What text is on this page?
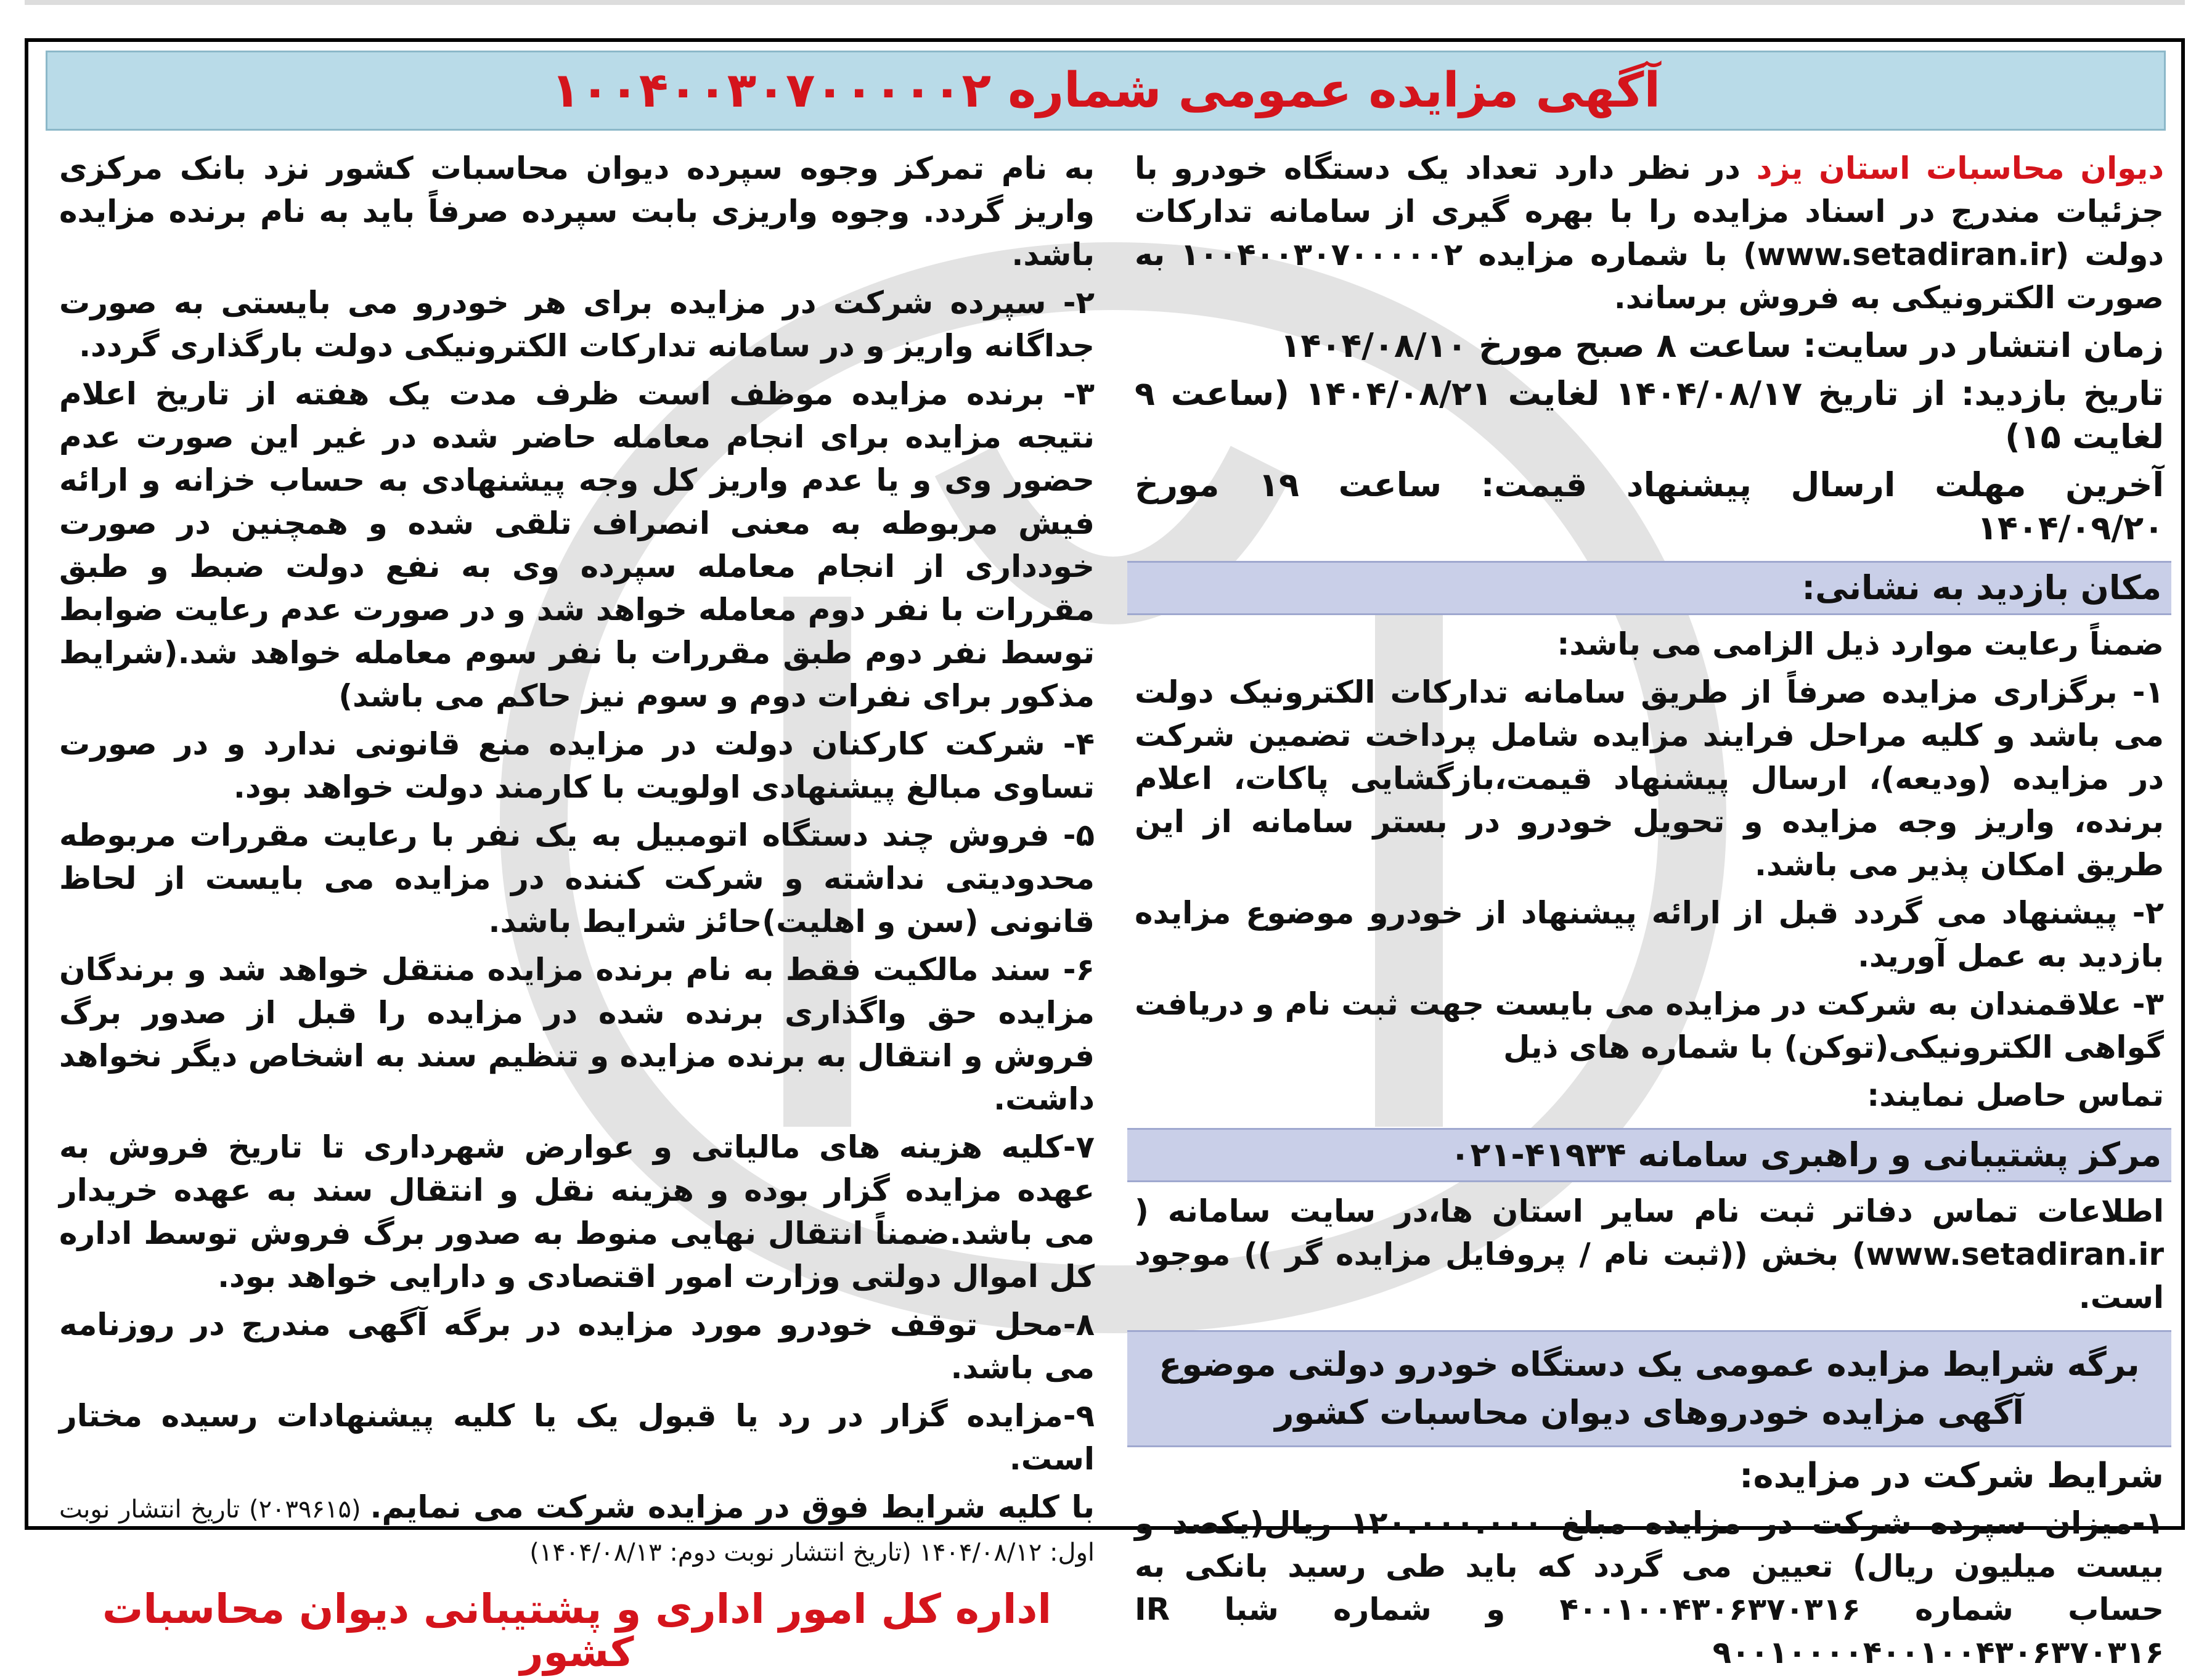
آگهی مزایده عمومی شماره ۱۰۰۴۰۰۳۰۷۰۰۰۰۰۲

دیوان محاسبات استان یزد در نظر دارد تعداد یک دستگاه خودرو با جزئیات مندرج در اسناد مزایده را با بهره گیری از سامانه تدارکات دولت (www.setadiran.ir) با شماره مزایده ۱۰۰۴۰۰۳۰۷۰۰۰۰۰۲ به صورت الکترونیکی به فروش برساند.

زمان انتشار در سایت: ساعت ۸ صبح مورخ ۱۴۰۴/۰۸/۱۰

تاریخ بازدید: از تاریخ ۱۴۰۴/۰۸/۱۷ لغایت ۱۴۰۴/۰۸/۲۱ (ساعت ۹ لغایت ۱۵)

آخرین مهلت ارسال پیشنهاد قیمت: ساعت ۱۹ مورخ ۱۴۰۴/۰۹/۲۰

مکان بازدید به نشانی:

ضمناً رعایت موارد ذیل الزامی می باشد:

۱- برگزاری مزایده صرفاً از طریق سامانه تدارکات الکترونیک دولت می باشد و کلیه مراحل فرایند مزایده شامل پرداخت تضمین شرکت در مزایده (ودیعه)، ارسال پیشنهاد قیمت،بازگشایی پاکات، اعلام برنده، واریز وجه مزایده و تحویل خودرو در بستر سامانه از این طریق امکان پذیر می باشد.

۲- پیشنهاد می گردد قبل از ارائه پیشنهاد از خودرو موضوع مزایده بازدید به عمل آورید.

۳- علاقمندان به شرکت در مزایده می بایست جهت ثبت نام و دریافت گواهی الکترونیکی(توکن) با شماره های ذیل

تماس حاصل نمایند:

مرکز پشتیبانی و راهبری سامانه ۴۱۹۳۴-۰۲۱

اطلاعات تماس دفاتر ثبت نام سایر استان ها،در سایت سامانه (www.setadiran.ir) بخش ((ثبت نام / پروفایل مزایده گر )) موجود است.

برگه شرایط مزایده عمومی یک دستگاه خودرو دولتی موضوع آگهی مزایده خودروهای دیوان محاسبات کشور
شرایط شرکت در مزایده:

۱-میزان سپرده شرکت در مزایده مبلغ ۱۲۰.۰۰۰.۰۰۰ ریال(یکصد و بیست میلیون ریال) تعیین می گردد که باید طی رسید بانکی به حساب شماره ۴۰۰۱۰۰۴۳۰۶۳۷۰۳۱۶ و شماره شبا IR ۹۰۰۱۰۰۰۰۴۰۰۱۰۰۴۳۰۶۳۷۰۳۱۶

به نام تمرکز وجوه سپرده دیوان محاسبات کشور نزد بانک مرکزی واریز گردد. وجوه واریزی بابت سپرده صرفاً باید به نام برنده مزایده باشد.

۲- سپرده شرکت در مزایده برای هر خودرو می بایستی به صورت جداگانه واریز و در سامانه تدارکات الکترونیکی دولت بارگذاری گردد.

۳- برنده مزایده موظف است ظرف مدت یک هفته از تاریخ اعلام نتیجه مزایده برای انجام معامله حاضر شده در غیر این صورت عدم حضور وی و یا عدم واریز کل وجه پیشنهادی به حساب خزانه و ارائه فیش مربوطه به معنی انصراف تلقی شده و همچنین در صورت خودداری از انجام معامله سپرده وی به نفع دولت ضبط و طبق مقررات با نفر دوم معامله خواهد شد و در صورت عدم رعایت ضوابط توسط نفر دوم طبق مقررات با نفر سوم معامله خواهد شد.(شرایط مذکور برای نفرات دوم و سوم نیز حاکم می باشد)

۴- شرکت کارکنان دولت در مزایده منع قانونی ندارد و در صورت تساوی مبالغ پیشنهادی اولویت با کارمند دولت خواهد بود.

۵- فروش چند دستگاه اتومبیل به یک نفر با رعایت مقررات مربوطه محدودیتی نداشته و شرکت کننده در مزایده می بایست از لحاظ قانونی (سن و اهلیت)حائز شرایط باشد.

۶- سند مالکیت فقط به نام برنده مزایده منتقل خواهد شد و برندگان مزایده حق واگذاری برنده شده در مزایده را قبل از صدور برگ فروش و انتقال به برنده مزایده و تنظیم سند به اشخاص دیگر نخواهد داشت.

۷-کلیه هزینه های مالیاتی و عوارض شهرداری تا تاریخ فروش به عهده مزایده گزار بوده و هزینه نقل و انتقال سند به عهده خریدار می باشد.ضمناً انتقال نهایی منوط به صدور برگ فروش توسط اداره کل اموال دولتی وزارت امور اقتصادی و دارایی خواهد بود.

۸-محل توقف خودرو مورد مزایده در برگه آگهی مندرج در روزنامه می باشد.

۹-مزایده گزار در رد یا قبول یک یا کلیه پیشنهادات رسیده مختار است.

با کلیه شرایط فوق در مزایده شرکت می نمایم. (۲۰۳۹۶۱۵) تاریخ انتشار نوبت اول: ۱۴۰۴/۰۸/۱۲ (تاریخ انتشار نوبت دوم: ۱۴۰۴/۰۸/۱۳)

اداره کل امور اداری و پشتیبانی دیوان محاسبات کشور
